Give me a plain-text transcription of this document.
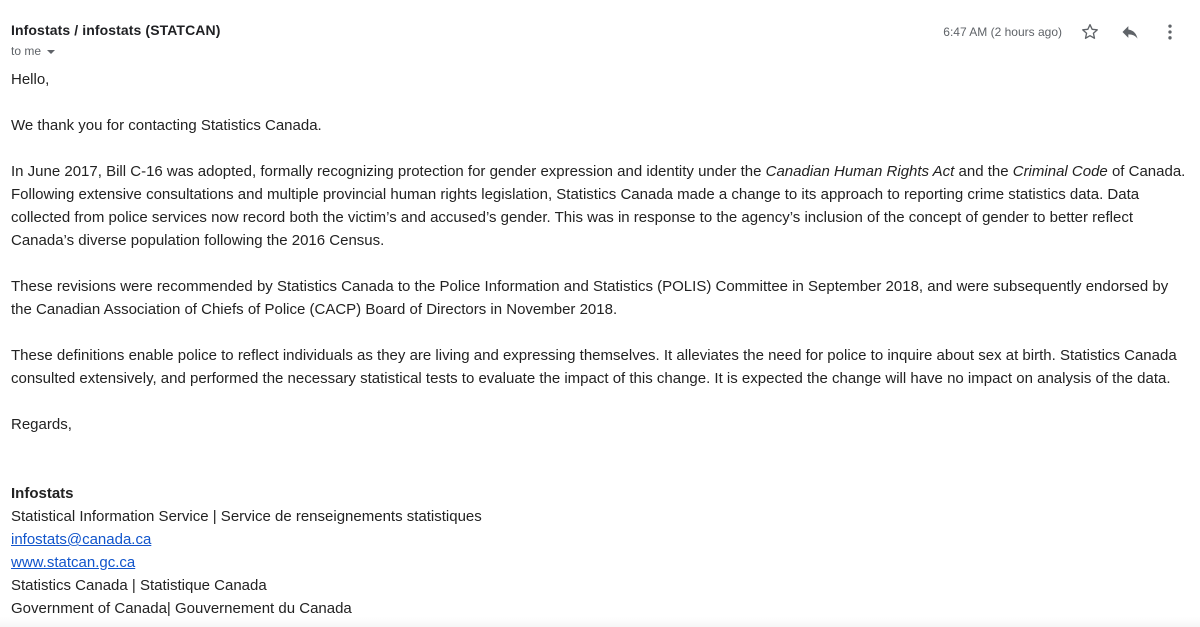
Infostats / infostats (STATCAN)
to me
6:47 AM (2 hours ago)

Hello,

We thank you for contacting Statistics Canada.

In June 2017, Bill C-16 was adopted, formally recognizing protection for gender expression and identity under the Canadian Human Rights Act and the Criminal Code of Canada. Following extensive consultations and multiple provincial human rights legislation, Statistics Canada made a change to its approach to reporting crime statistics data. Data collected from police services now record both the victim’s and accused’s gender. This was in response to the agency’s inclusion of the concept of gender to better reflect Canada’s diverse population following the 2016 Census.

These revisions were recommended by Statistics Canada to the Police Information and Statistics (POLIS) Committee in September 2018, and were subsequently endorsed by the Canadian Association of Chiefs of Police (CACP) Board of Directors in November 2018.

These definitions enable police to reflect individuals as they are living and expressing themselves. It alleviates the need for police to inquire about sex at birth. Statistics Canada consulted extensively, and performed the necessary statistical tests to evaluate the impact of this change. It is expected the change will have no impact on analysis of the data.

Regards,

Infostats
Statistical Information Service | Service de renseignements statistiques
infostats@canada.ca
www.statcan.gc.ca
Statistics Canada | Statistique Canada
Government of Canada| Gouvernement du Canada
